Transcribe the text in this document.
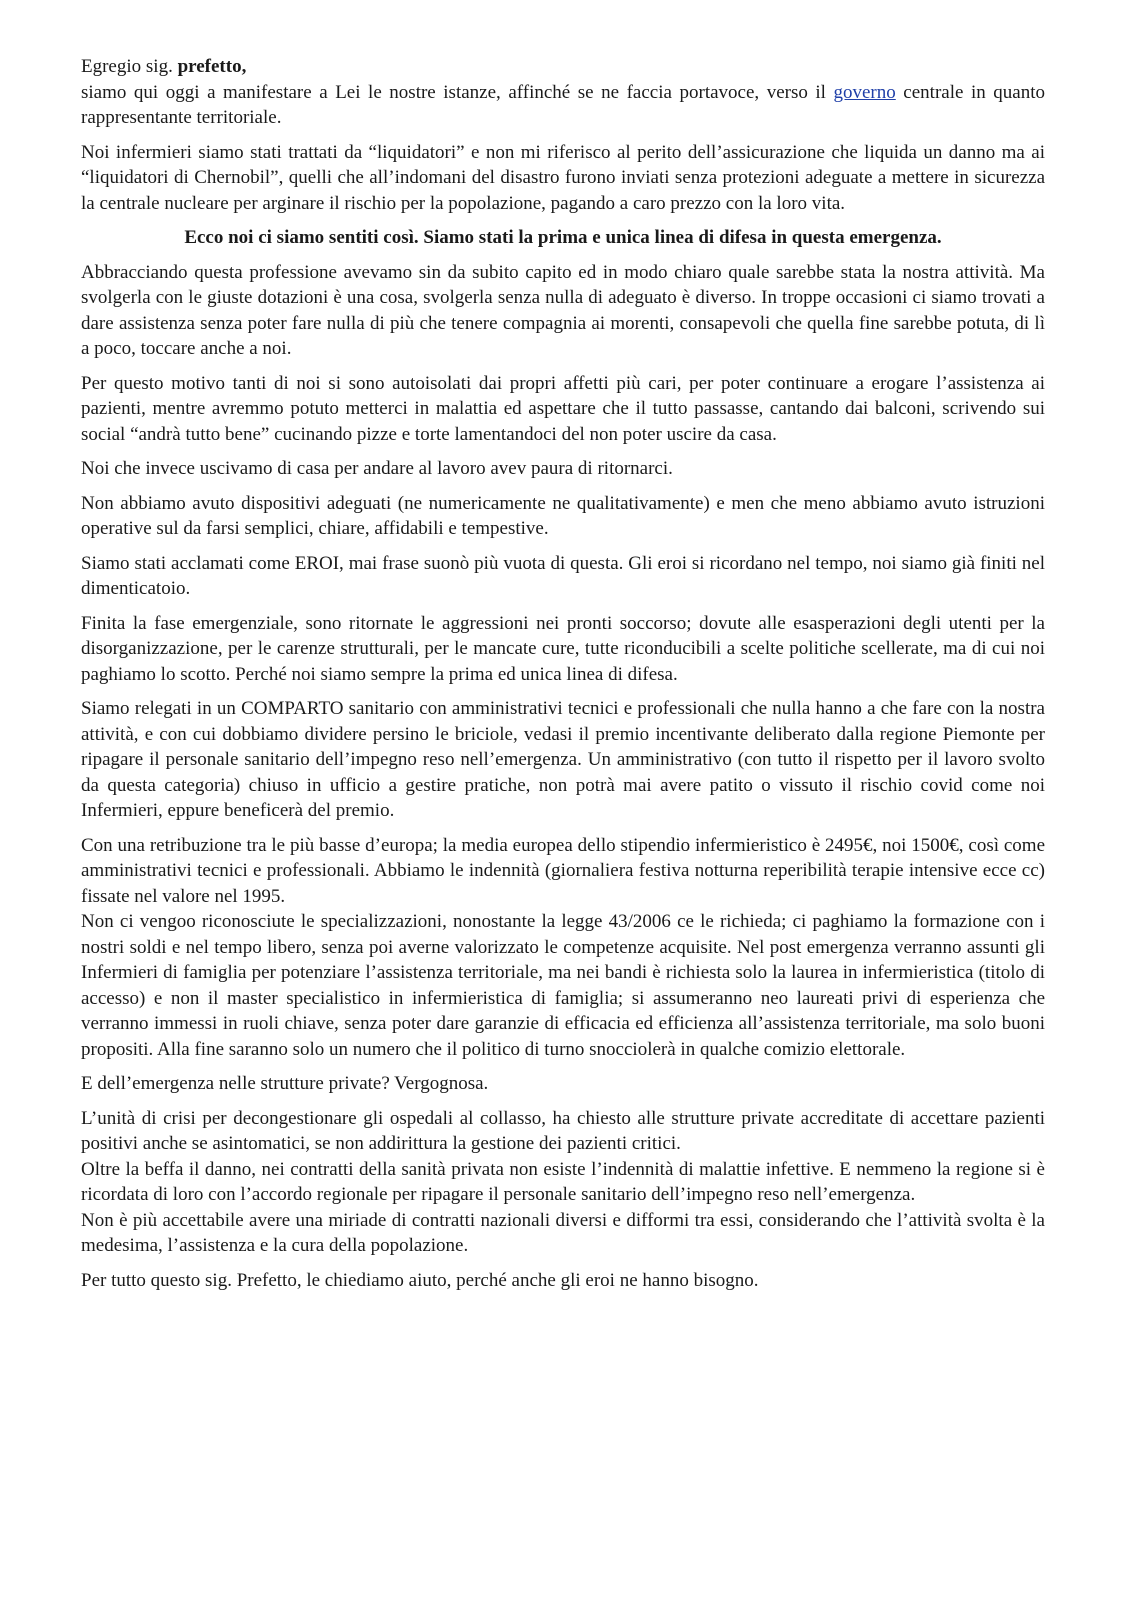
Egregio sig. prefetto,

siamo qui oggi a manifestare a Lei le nostre istanze, affinché se ne faccia portavoce, verso il governo centrale in quanto rappresentante territoriale.

Noi infermieri siamo stati trattati da “liquidatori” e non mi riferisco al perito dell’assicurazione che liquida un danno ma ai “liquidatori di Chernobil”, quelli che all’indomani del disastro furono inviati senza protezioni adeguate a mettere in sicurezza la centrale nucleare per arginare il rischio per la popolazione, pagando a caro prezzo con la loro vita.

Ecco noi ci siamo sentiti così. Siamo stati la prima e unica linea di difesa in questa emergenza.

Abbracciando questa professione avevamo sin da subito capito ed in modo chiaro quale sarebbe stata la nostra attività. Ma svolgerla con le giuste dotazioni è una cosa, svolgerla senza nulla di adeguato è diverso. In troppe occasioni ci siamo trovati a dare assistenza senza poter fare nulla di più che tenere compagnia ai morenti, consapevoli che quella fine sarebbe potuta, di lì a poco, toccare anche a noi.

Per questo motivo tanti di noi si sono autoisolati dai propri affetti più cari, per poter continuare a erogare l’assistenza ai pazienti, mentre avremmo potuto metterci in malattia ed aspettare che il tutto passasse, cantando dai balconi, scrivendo sui social “andrà tutto bene” cucinando pizze e torte lamentandoci del non poter uscire da casa.

Noi che invece uscivamo di casa per andare al lavoro avev paura di ritornarci.

Non abbiamo avuto dispositivi adeguati (ne numericamente ne qualitativamente) e men che meno abbiamo avuto istruzioni operative sul da farsi semplici, chiare, affidabili e tempestive.

Siamo stati acclamati come EROI, mai frase suonò più vuota di questa. Gli eroi si ricordano nel tempo, noi siamo già finiti nel dimenticatoio.

Finita la fase emergenziale, sono ritornate le aggressioni nei pronti soccorso; dovute alle esasperazioni degli utenti per la disorganizzazione, per le carenze strutturali, per le mancate cure, tutte riconducibili a scelte politiche scellerate, ma di cui noi paghiamo lo scotto. Perché noi siamo sempre la prima ed unica linea di difesa.

Siamo relegati in un COMPARTO sanitario con amministrativi tecnici e professionali che nulla hanno a che fare con la nostra attività, e con cui dobbiamo dividere persino le briciole, vedasi il premio incentivante deliberato dalla regione Piemonte per ripagare il personale sanitario dell’impegno reso nell’emergenza. Un amministrativo (con tutto il rispetto per il lavoro svolto da questa categoria) chiuso in ufficio a gestire pratiche, non potrà mai avere patito o vissuto il rischio covid come noi Infermieri, eppure beneficerà del premio.

Con una retribuzione tra le più basse d’europa; la media europea dello stipendio infermieristico è 2495€, noi 1500€, così come amministrativi tecnici e professionali. Abbiamo le indennità (giornaliera festiva notturna reperibilità terapie intensive ecce cc) fissate nel valore nel 1995.

Non ci vengoo riconosciute le specializzazioni, nonostante la legge 43/2006 ce le richieda; ci paghiamo la formazione con i nostri soldi e nel tempo libero, senza poi averne valorizzato le competenze acquisite. Nel post emergenza verranno assunti gli Infermieri di famiglia per potenziare l’assistenza territoriale, ma nei bandi è richiesta solo la laurea in infermieristica (titolo di accesso) e non il master specialistico in infermieristica di famiglia; si assumeranno neo laureati privi di esperienza che verranno immessi in ruoli chiave, senza poter dare garanzie di efficacia ed efficienza all’assistenza territoriale, ma solo buoni propositi. Alla fine saranno solo un numero che il politico di turno snocciolerà in qualche comizio elettorale.

E dell’emergenza nelle strutture private? Vergognosa.

L’unità di crisi per decongestionare gli ospedali al collasso, ha chiesto alle strutture private accreditate di accettare pazienti positivi anche se asintomatici, se non addirittura la gestione dei pazienti critici.

Oltre la beffa il danno, nei contratti della sanità privata non esiste l’indennità di malattie infettive. E nemmeno la regione si è ricordata di loro con l’accordo regionale per ripagare il personale sanitario dell’impegno reso nell’emergenza.

Non è più accettabile avere una miriade di contratti nazionali diversi e difformi tra essi, considerando che l’attività svolta è la medesima, l’assistenza e la cura della popolazione.

Per tutto questo sig. Prefetto, le chiediamo aiuto, perché anche gli eroi ne hanno bisogno.
